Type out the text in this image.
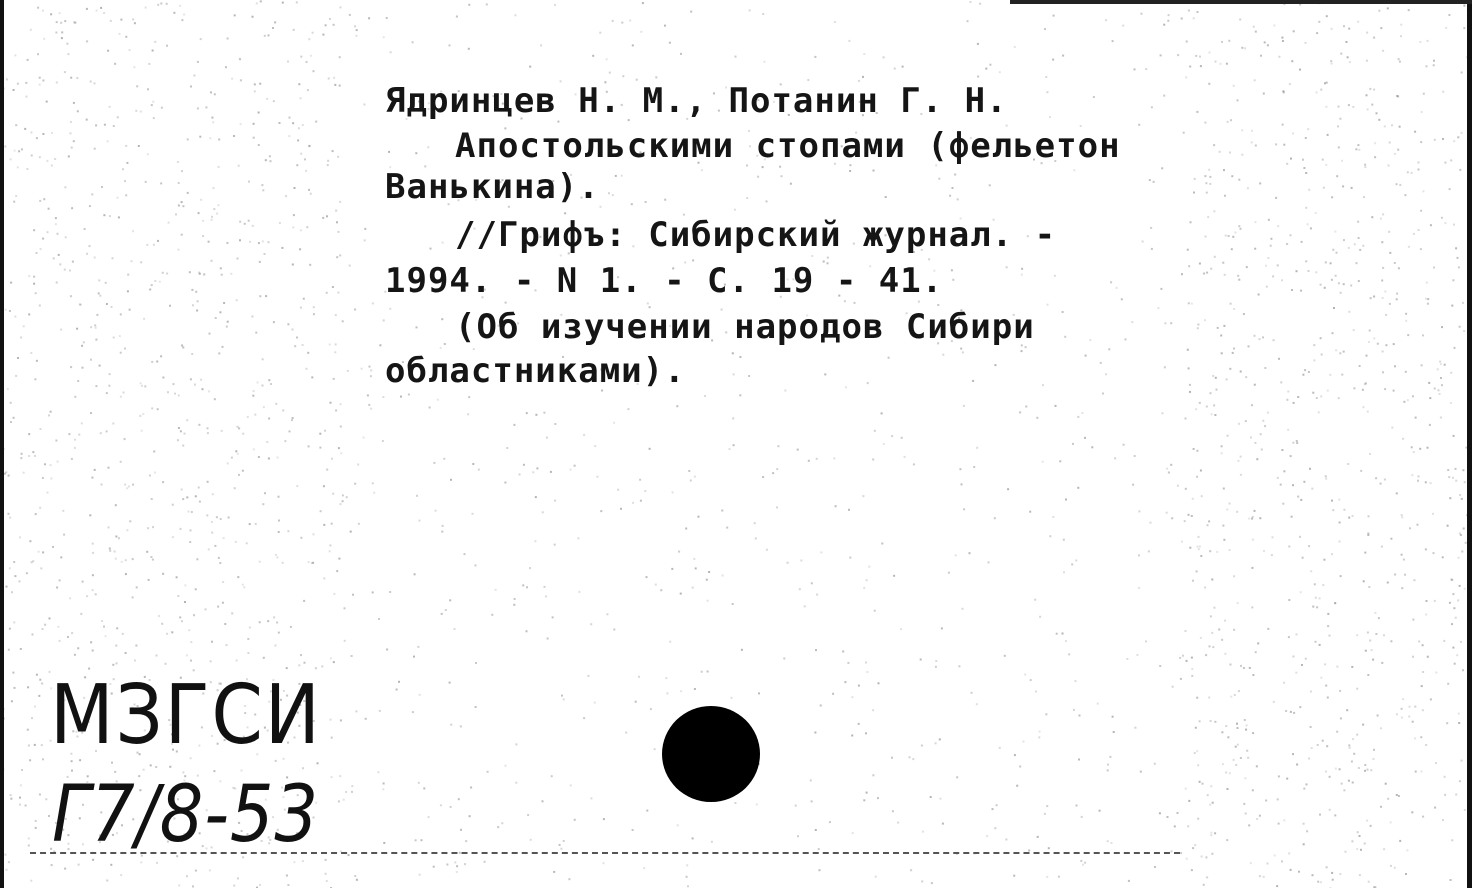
Ядринцев Н. М., Потанин Г. Н.

Апостольскими стопами (фельетон

Ванькина).

//Грифъ: Сибирский журнал. -

1994. - N 1. - С. 19 - 41.

(Об изучении народов Сибири

областниками).

МЗГСИ

Г7/8-53
